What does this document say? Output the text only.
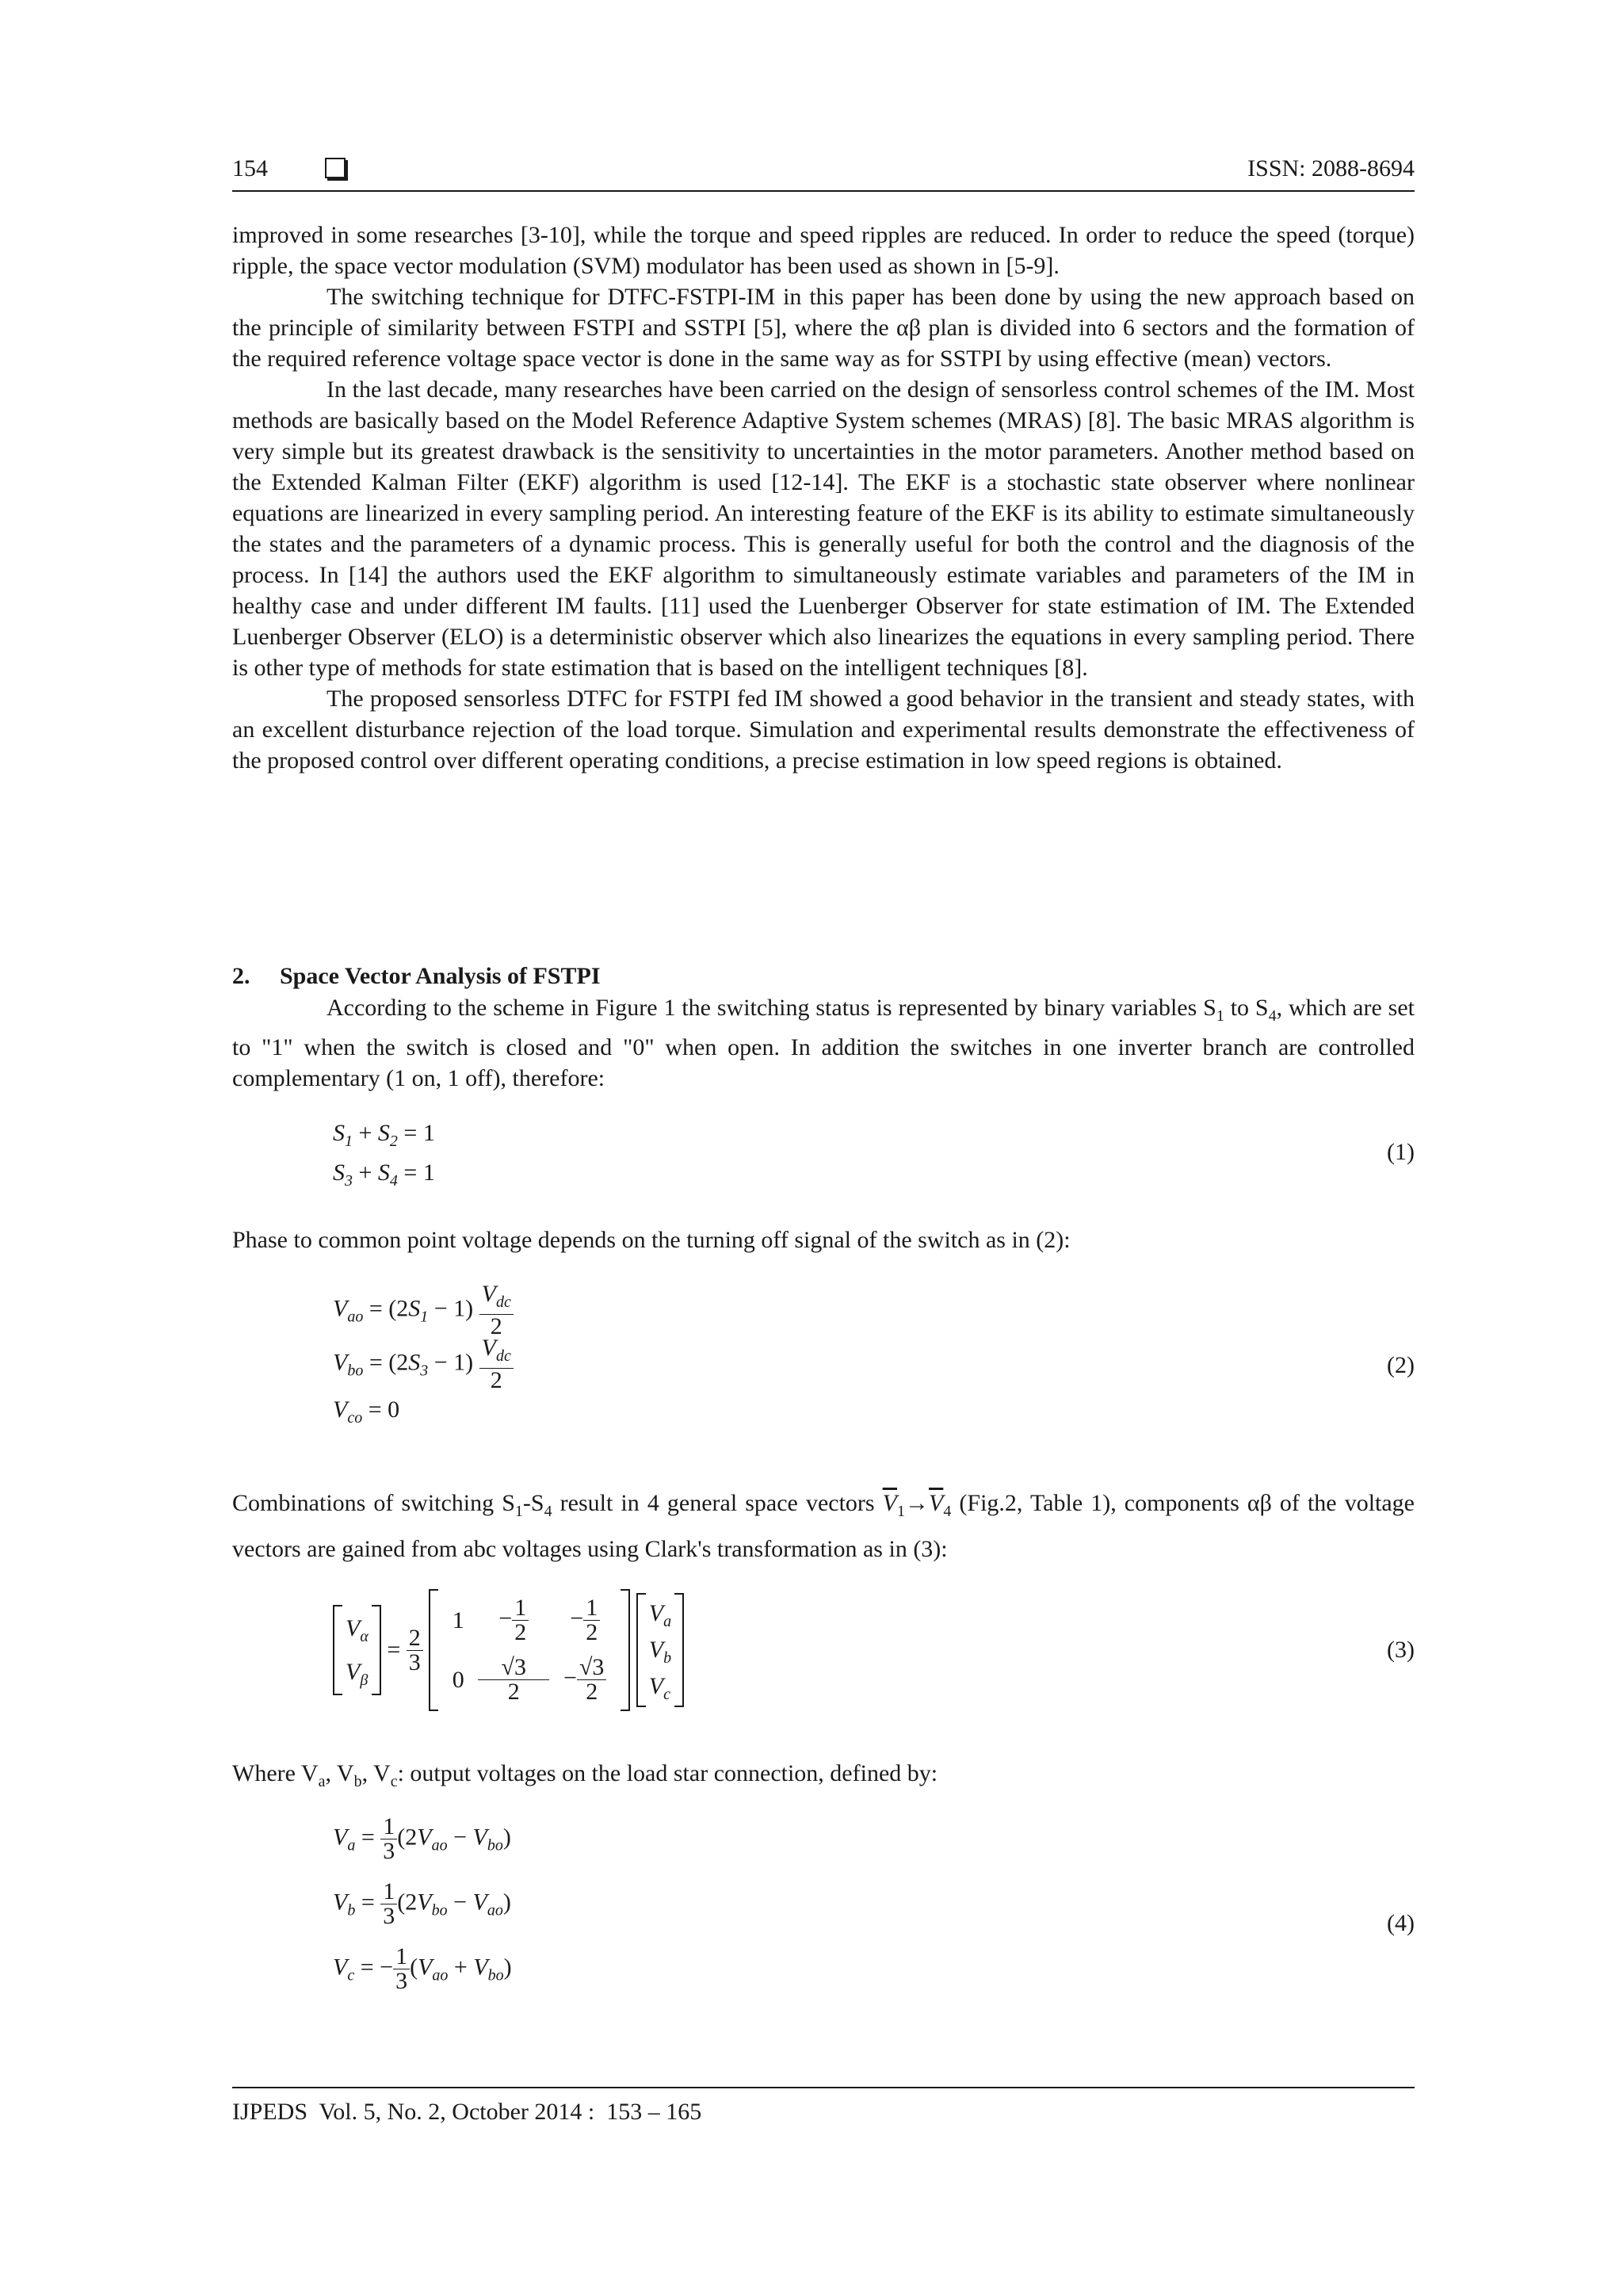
154	ISSN: 2088-8694

improved in some researches [3-10], while the torque and speed ripples are reduced. In order to reduce the speed (torque) ripple, the space vector modulation (SVM) modulator has been used as shown in [5-9].

The switching technique for DTFC-FSTPI-IM in this paper has been done by using the new approach based on the principle of similarity between FSTPI and SSTPI [5], where the αβ plan is divided into 6 sectors and the formation of the required reference voltage space vector is done in the same way as for SSTPI by using effective (mean) vectors.

In the last decade, many researches have been carried on the design of sensorless control schemes of the IM. Most methods are basically based on the Model Reference Adaptive System schemes (MRAS) [8]. The basic MRAS algorithm is very simple but its greatest drawback is the sensitivity to uncertainties in the motor parameters. Another method based on the Extended Kalman Filter (EKF) algorithm is used [12-14]. The EKF is a stochastic state observer where nonlinear equations are linearized in every sampling period. An interesting feature of the EKF is its ability to estimate simultaneously the states and the parameters of a dynamic process. This is generally useful for both the control and the diagnosis of the process. In [14] the authors used the EKF algorithm to simultaneously estimate variables and parameters of the IM in healthy case and under different IM faults. [11] used the Luenberger Observer for state estimation of IM. The Extended Luenberger Observer (ELO) is a deterministic observer which also linearizes the equations in every sampling period. There is other type of methods for state estimation that is based on the intelligent techniques [8].

The proposed sensorless DTFC for FSTPI fed IM showed a good behavior in the transient and steady states, with an excellent disturbance rejection of the load torque. Simulation and experimental results demonstrate the effectiveness of the proposed control over different operating conditions, a precise estimation in low speed regions is obtained.

2. Space Vector Analysis of FSTPI

According to the scheme in Figure 1 the switching status is represented by binary variables $S_1$ to $S_4$, which are set to "1" when the switch is closed and "0" when open. In addition the switches in one inverter branch are controlled complementary (1 on, 1 off), therefore:

$S_1 + S_2 = 1$
$S_3 + S_4 = 1$
(1)

Phase to common point voltage depends on the turning off signal of the switch as in (2):

$V_{ao} = (2S_1 - 1) \frac{V_{dc}}{2}$
$V_{bo} = (2S_3 - 1) \frac{V_{dc}}{2}$
$V_{co} = 0$
(2)

Combinations of switching $S_1-S_4$ result in 4 general space vectors $\overline{V}_1\to\overline{V}_4$ (Fig.2, Table 1), components αβ of the voltage vectors are gained from abc voltages using Clark's transformation as in (3):

$V_\alpha$
$V_\beta$
= $\frac{2}{3}$

1	− $\frac{1}{2}$	− $\frac{1}{2}$
$0 \frac{√3}{2} - \frac{√3}{2}$

$V_a$
$V_b$
$V_c$
(3)

Where $V_a$, $V_b$, $V_c$: output voltages on the load star connection, defined by:

$V_a = \frac{1}{3} (2V_{ao} - V_{bo})$
$V_b = \frac{1}{3} (2V_{bo} - V_{ao})$
$V_c$ = − $\frac{1}{3} (V_{ao} + V_{bo})$
(4)
IJPEDS  Vol. 5, No. 2, October 2014 :  153 – 165
